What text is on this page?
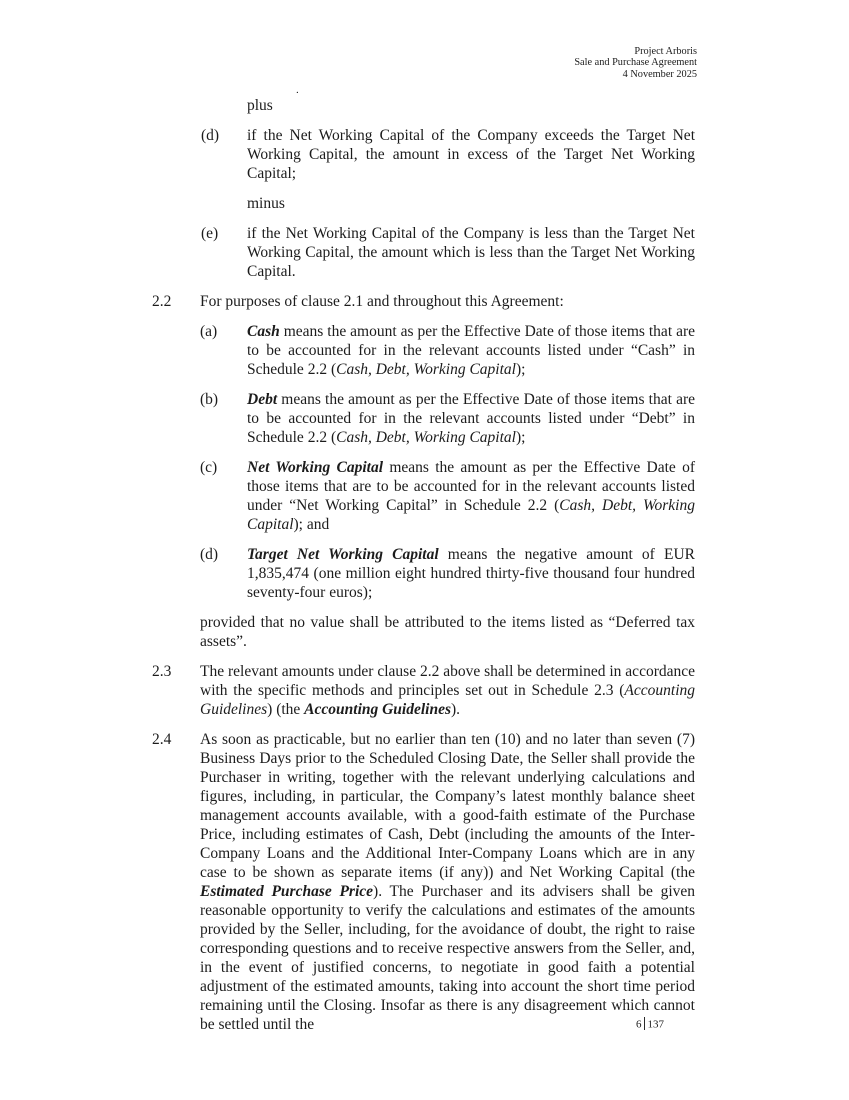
Project Arboris
Sale and Purchase Agreement
4 November 2025
.
plus
(d)	if the Net Working Capital of the Company exceeds the Target Net Working Capital, the amount in excess of the Target Net Working Capital;
minus
(e)	if the Net Working Capital of the Company is less than the Target Net Working Capital, the amount which is less than the Target Net Working Capital.
2.2	For purposes of clause 2.1 and throughout this Agreement:
(a)	Cash means the amount as per the Effective Date of those items that are to be accounted for in the relevant accounts listed under “Cash” in Schedule 2.2 (Cash, Debt, Working Capital);
(b)	Debt means the amount as per the Effective Date of those items that are to be accounted for in the relevant accounts listed under “Debt” in Schedule 2.2 (Cash, Debt, Working Capital);
(c)	Net Working Capital means the amount as per the Effective Date of those items that are to be accounted for in the relevant accounts listed under “Net Working Capital” in Schedule 2.2 (Cash, Debt, Working Capital); and
(d)	Target Net Working Capital means the negative amount of EUR 1,835,474 (one million eight hundred thirty-five thousand four hundred seventy-four euros);
provided that no value shall be attributed to the items listed as “Deferred tax assets”.
2.3	The relevant amounts under clause 2.2 above shall be determined in accordance with the specific methods and principles set out in Schedule 2.3 (Accounting Guidelines) (the Accounting Guidelines).
2.4	As soon as practicable, but no earlier than ten (10) and no later than seven (7) Business Days prior to the Scheduled Closing Date, the Seller shall provide the Purchaser in writing, together with the relevant underlying calculations and figures, including, in particular, the Company’s latest monthly balance sheet management accounts available, with a good-faith estimate of the Purchase Price, including estimates of Cash, Debt (including the amounts of the Inter-Company Loans and the Additional Inter-Company Loans which are in any case to be shown as separate items (if any)) and Net Working Capital (the Estimated Purchase Price). The Purchaser and its advisers shall be given reasonable opportunity to verify the calculations and estimates of the amounts provided by the Seller, including, for the avoidance of doubt, the right to raise corresponding questions and to receive respective answers from the Seller, and, in the event of justified concerns, to negotiate in good faith a potential adjustment of the estimated amounts, taking into account the short time period remaining until the Closing. Insofar as there is any disagreement which cannot be settled until the	6 137
